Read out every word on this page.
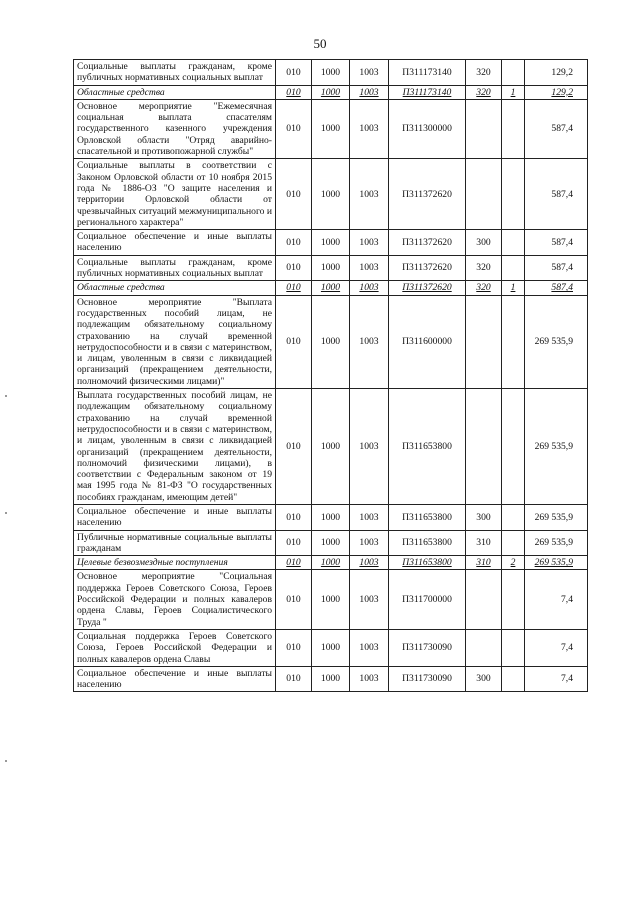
50
Социальные выплаты гражданам, кроме публичных нормативных социальных выплат	010	1000	1003	П311173140	320		129,2
Областные средства	010	1000	1003	П311173140	320	1	129,2
Основное мероприятие "Ежемесячная социальная выплата спасателям государственного казенного учреждения Орловской области "Отряд аварийно-спасательной и противопожарной службы"	010	1000	1003	П311300000			587,4
Социальные выплаты в соответствии с Законом Орловской области от 10 ноября 2015 года № 1886-ОЗ "О защите населения и территории Орловской области от чрезвычайных ситуаций межмуниципального и регионального характера"	010	1000	1003	П311372620			587,4
Социальное обеспечение и иные выплаты населению	010	1000	1003	П311372620	300		587,4
Социальные выплаты гражданам, кроме публичных нормативных социальных выплат	010	1000	1003	П311372620	320		587,4
Областные средства	010	1000	1003	П311372620	320	1	587,4
Основное мероприятие "Выплата государственных пособий лицам, не подлежащим обязательному социальному страхованию на случай временной нетрудоспособности и в связи с материнством, и лицам, уволенным в связи с ликвидацией организаций (прекращением деятельности, полномочий физическими лицами)"	010	1000	1003	П311600000			269 535,9
Выплата государственных пособий лицам, не подлежащим обязательному социальному страхованию на случай временной нетрудоспособности и в связи с материнством, и лицам, уволенным в связи с ликвидацией организаций (прекращением деятельности, полномочий физическими лицами), в соответствии с Федеральным законом от 19 мая 1995 года № 81-ФЗ "О государственных пособиях гражданам, имеющим детей"	010	1000	1003	П311653800			269 535,9
Социальное обеспечение и иные выплаты населению	010	1000	1003	П311653800	300		269 535,9
Публичные нормативные социальные выплаты гражданам	010	1000	1003	П311653800	310		269 535,9
Целевые безвозмездные поступления	010	1000	1003	П311653800	310	2	269 535,9
Основное мероприятие "Социальная поддержка Героев Советского Союза, Героев Российской Федерации и полных кавалеров ордена Славы, Героев Социалистического Труда "	010	1000	1003	П311700000			7,4
Социальная поддержка Героев Советского Союза, Героев Российской Федерации и полных кавалеров ордена Славы	010	1000	1003	П311730090			7,4
Социальное обеспечение и иные выплаты населению	010	1000	1003	П311730090	300		7,4
